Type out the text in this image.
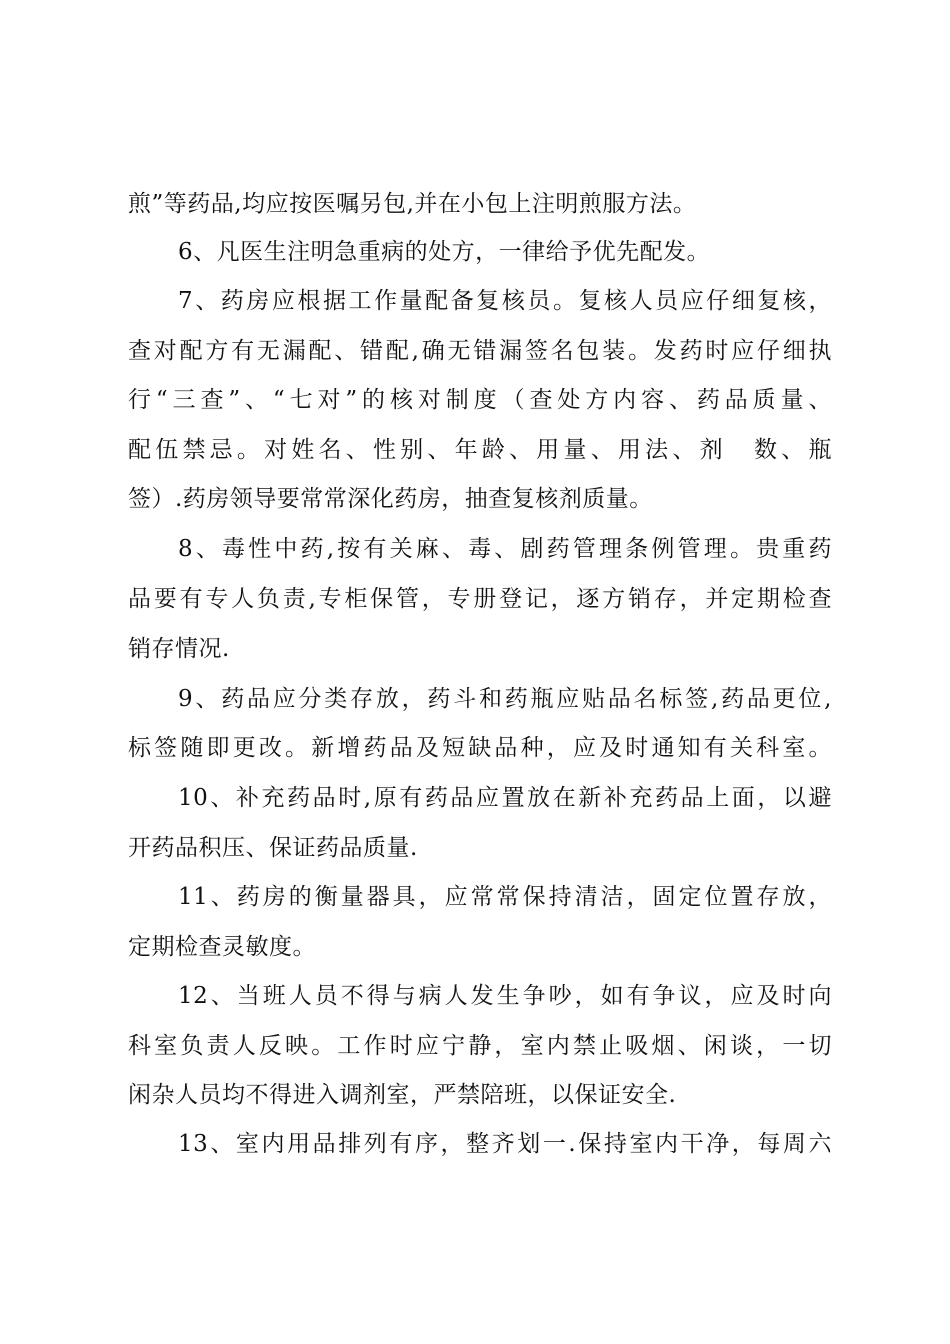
煎”等药品,均应按医嘱另包,并在小包上注明煎服方法。
6、凡医生注明急重病的处方，一律给予优先配发。
7、药房应根据工作量配备复核员。复核人员应仔细复核，
查对配方有无漏配、错配,确无错漏签名包装。发药时应仔细执
行“三查”、“七对”的核对制度（查处方内容、药品质量、
配伍禁忌。对姓名、性别、年龄、用量、用法、剂　数、瓶
签）.药房领导要常常深化药房，抽查复核剂质量。
8、毒性中药,按有关麻、毒、剧药管理条例管理。贵重药
品要有专人负责,专柜保管，专册登记，逐方销存，并定期检查
销存情况.
9、药品应分类存放，药斗和药瓶应贴品名标签,药品更位,
标签随即更改。新增药品及短缺品种，应及时通知有关科室。
10、补充药品时,原有药品应置放在新补充药品上面，以避
开药品积压、保证药品质量.
11、药房的衡量器具，应常常保持清洁，固定位置存放，
定期检查灵敏度。
12、当班人员不得与病人发生争吵，如有争议，应及时向
科室负责人反映。工作时应宁静，室内禁止吸烟、闲谈，一切
闲杂人员均不得进入调剂室，严禁陪班，以保证安全.
13、室内用品排列有序，整齐划一.保持室内干净，每周六
